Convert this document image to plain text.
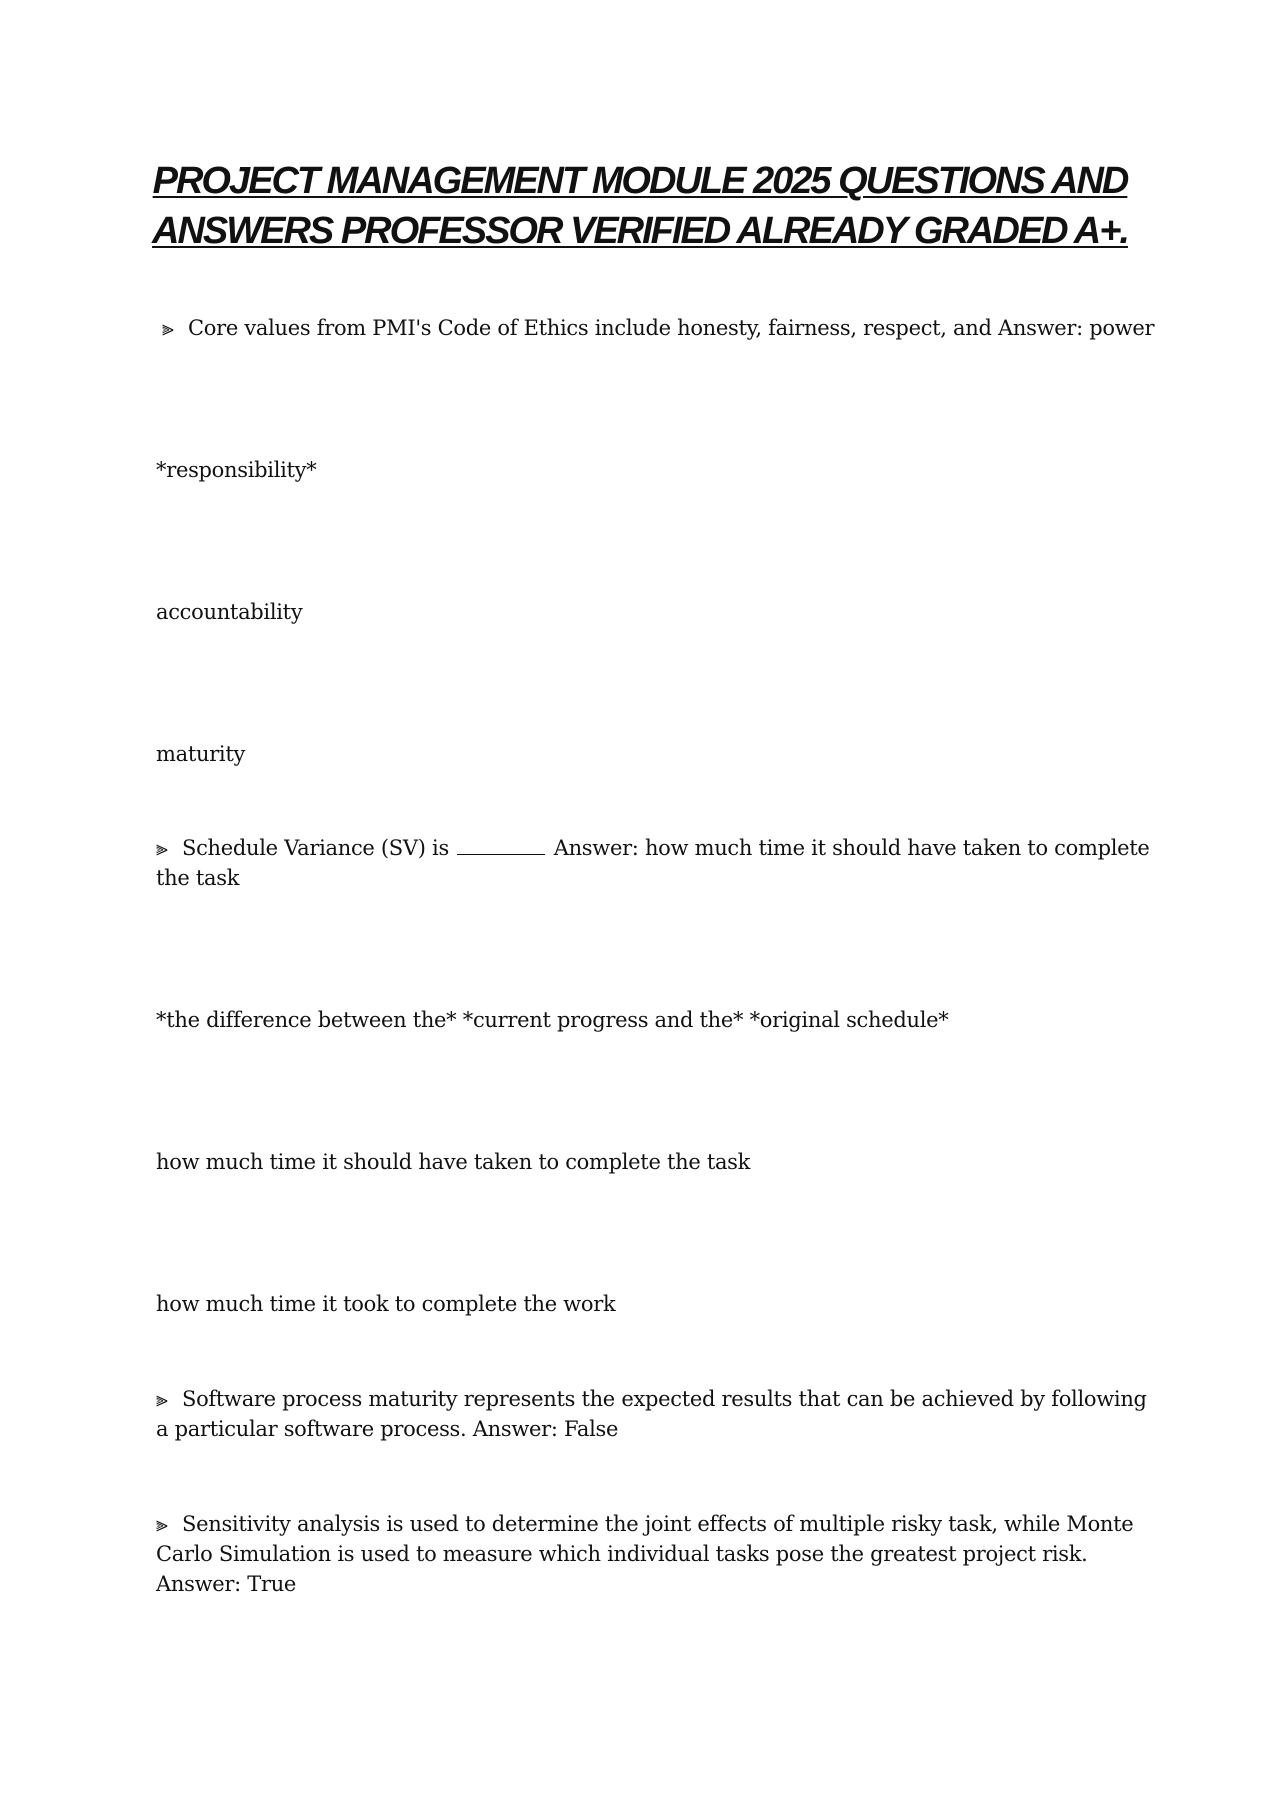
PROJECT MANAGEMENT MODULE 2025 QUESTIONS AND
ANSWERS PROFESSOR VERIFIED ALREADY GRADED A+.
⫸ Core values from PMI's Code of Ethics include honesty, fairness, respect, and Answer: power
*responsibility*
accountability
maturity
⫸ Schedule Variance (SV) is	Answer: how much time it should have taken to complete
the task
*the difference between the* *current progress and the* *original schedule*
how much time it should have taken to complete the task
how much time it took to complete the work
⫸ Software process maturity represents the expected results that can be achieved by following
a particular software process. Answer: False
⫸ Sensitivity analysis is used to determine the joint effects of multiple risky task, while Monte
Carlo Simulation is used to measure which individual tasks pose the greatest project risk.
Answer: True
